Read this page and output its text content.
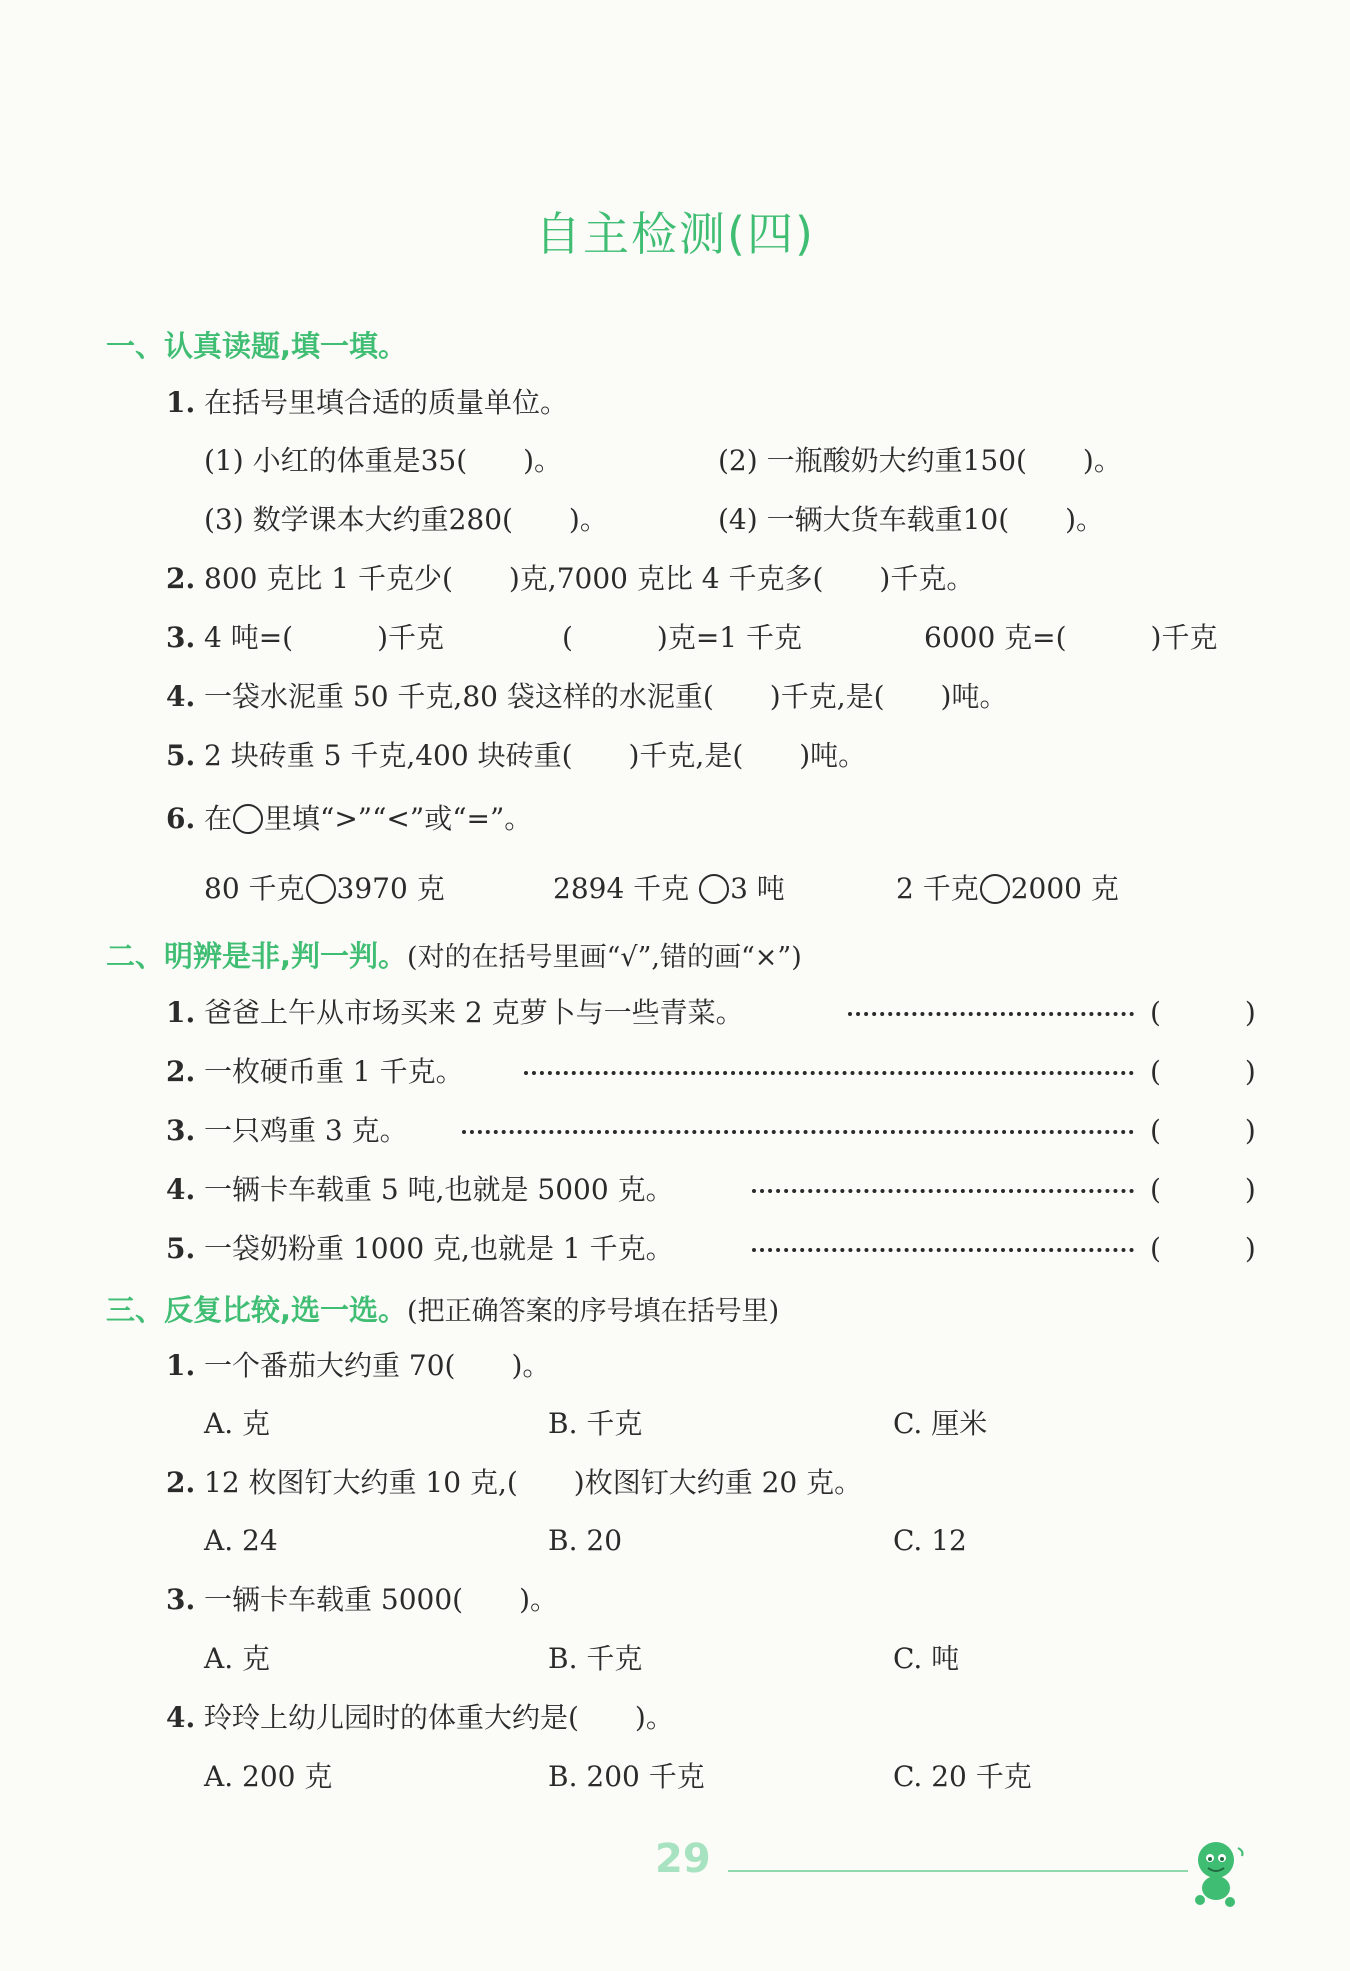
自主检测(四)
一、认真读题,填一填。
1. 在括号里填合适的质量单位。
(1) 小红的体重是35(　　)。	(2) 一瓶酸奶大约重150(　　)。
(3) 数学课本大约重280(　　)。	(4) 一辆大货车载重10(　　)。
2. 800 克比 1 千克少(　　)克,7000 克比 4 千克多(　　)千克。
3. 4 吨=(　　　)千克	(　　　)克=1 千克	6000 克=(　　　)千克
4. 一袋水泥重 50 千克,80 袋这样的水泥重(　　)千克,是(　　)吨。
5. 2 块砖重 5 千克,400 块砖重(　　)千克,是(　　)吨。
6. 在 里填“>”“<”或“=”。
80 千克 3970 克	2894 千克 3 吨	2 千克 2000 克
二、明辨是非,判一判。(对的在括号里画“√”,错的画“×”)
1. 爸爸上午从市场买来 2 克萝卜与一些青菜。	(　　　)
2. 一枚硬币重 1 千克。	(　　　)
3. 一只鸡重 3 克。	(　　　)
4. 一辆卡车载重 5 吨,也就是 5000 克。	(　　　)
5. 一袋奶粉重 1000 克,也就是 1 千克。	(　　　)
三、反复比较,选一选。(把正确答案的序号填在括号里)
1. 一个番茄大约重 70(　　)。
A. 克	B. 千克	C. 厘米
2. 12 枚图钉大约重 10 克,(　　)枚图钉大约重 20 克。
A. 24	B. 20	C. 12
3. 一辆卡车载重 5000(　　)。
A. 克	B. 千克	C. 吨
4. 玲玲上幼儿园时的体重大约是(　　)。
A. 200 克	B. 200 千克	C. 20 千克
29
